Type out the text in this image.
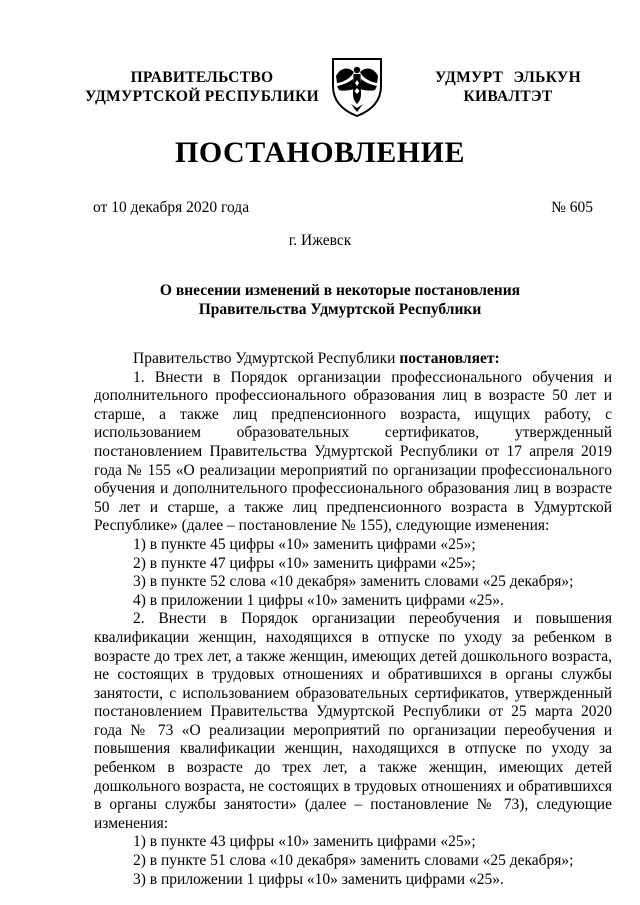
ПРАВИТЕЛЬСТВО
УДМУРТСКОЙ РЕСПУБЛИКИ
УДМУРТ ЭЛЬКУН
КИВАЛТЭТ
ПОСТАНОВЛЕНИЕ
от 10 декабря 2020 года	№ 605
г. Ижевск
О внесении изменений в некоторые постановления
Правительства Удмуртской Республики

Правительство Удмуртской Республики постановляет:

1. Внести в Порядок организации профессионального обучения и дополнительного профессионального образования лиц в возрасте 50 лет и старше, а также лиц предпенсионного возраста, ищущих работу, с использованием образовательных сертификатов, утвержденный постановлением Правительства Удмуртской Республики от 17 апреля 2019 года № 155 «О реализации мероприятий по организации профессионального обучения и дополнительного профессионального образования лиц в возрасте 50 лет и старше, а также лиц предпенсионного возраста в Удмуртской Республике» (далее – постановление № 155), следующие изменения:

1) в пункте 45 цифры «10» заменить цифрами «25»;

2) в пункте 47 цифры «10» заменить цифрами «25»;

3) в пункте 52 слова «10 декабря» заменить словами «25 декабря»;

4) в приложении 1 цифры «10» заменить цифрами «25».

2. Внести в Порядок организации переобучения и повышения квалификации женщин, находящихся в отпуске по уходу за ребенком в возрасте до трех лет, а также женщин, имеющих детей дошкольного возраста, не состоящих в трудовых отношениях и обратившихся в органы службы занятости, с использованием образовательных сертификатов, утвержденный постановлением Правительства Удмуртской Республики от 25 марта 2020 года № 73 «О реализации мероприятий по организации переобучения и повышения квалификации женщин, находящихся в отпуске по уходу за ребенком в возрасте до трех лет, а также женщин, имеющих детей дошкольного возраста, не состоящих в трудовых отношениях и обратившихся в органы службы занятости» (далее – постановление № 73), следующие изменения:

1) в пункте 43 цифры «10» заменить цифрами «25»;

2) в пункте 51 слова «10 декабря» заменить словами «25 декабря»;

3) в приложении 1 цифры «10» заменить цифрами «25».
